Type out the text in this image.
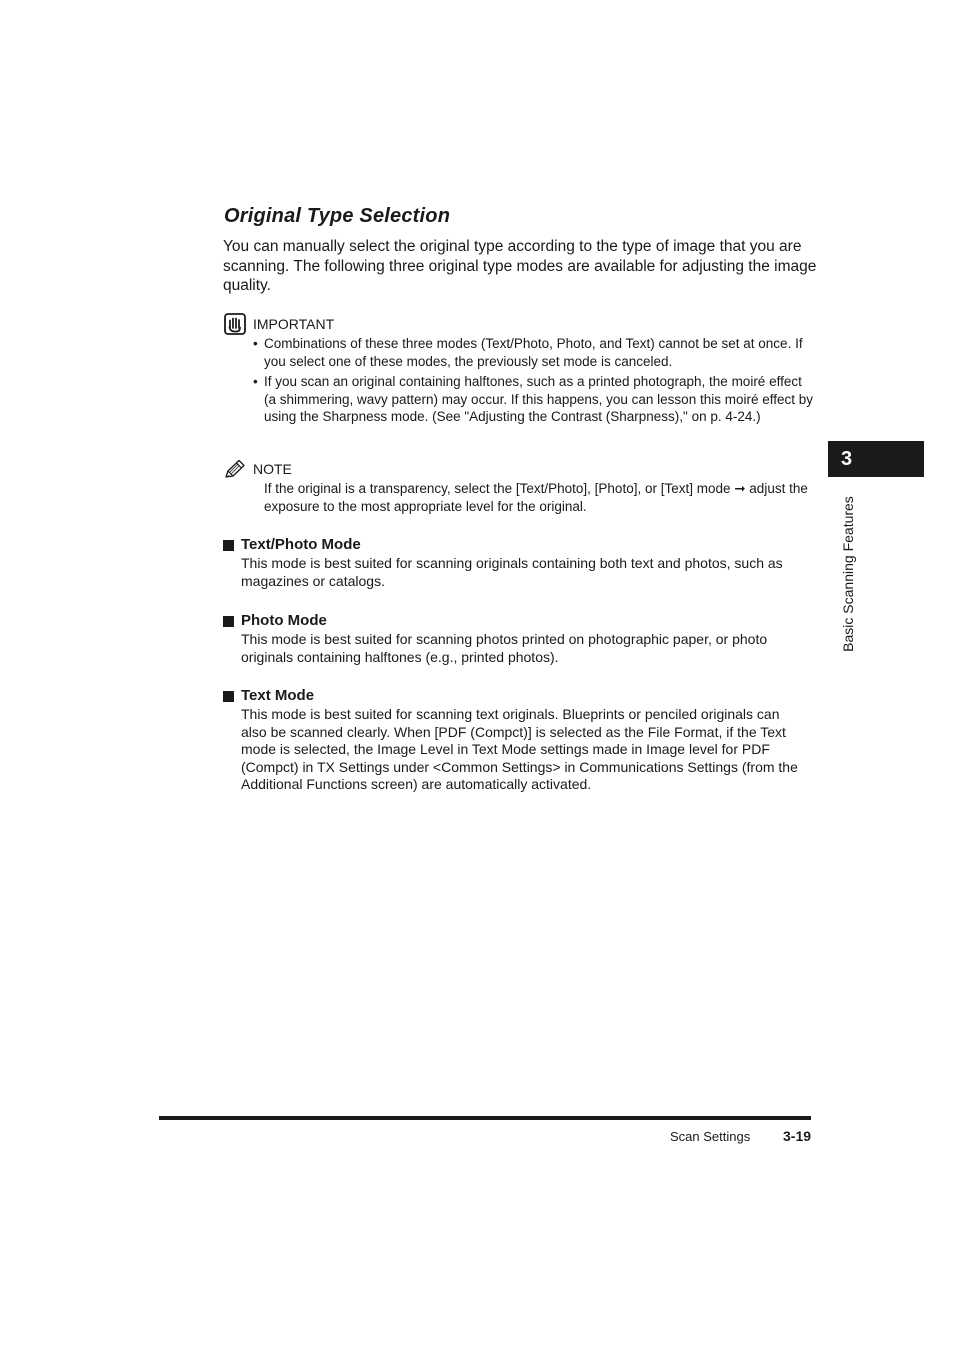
Original Type Selection

You can manually select the original type according to the type of image that you are scanning. The following three original type modes are available for adjusting the image quality.

IMPORTANT
• Combinations of these three modes (Text/Photo, Photo, and Text) cannot be set at once. If you select one of these modes, the previously set mode is canceled.
• If you scan an original containing halftones, such as a printed photograph, the moiré effect (a shimmering, wavy pattern) may occur. If this happens, you can lesson this moiré effect by using the Sharpness mode. (See "Adjusting the Contrast (Sharpness)," on p. 4-24.)
NOTE

If the original is a transparency, select the [Text/Photo], [Photo], or [Text] mode ➞ adjust the exposure to the most appropriate level for the original.

Text/Photo Mode

This mode is best suited for scanning originals containing both text and photos, such as magazines or catalogs.

Photo Mode

This mode is best suited for scanning photos printed on photographic paper, or photo originals containing halftones (e.g., printed photos).

Text Mode

This mode is best suited for scanning text originals. Blueprints or penciled originals can also be scanned clearly. When [PDF (Compct)] is selected as the File Format, if the Text mode is selected, the Image Level in Text Mode settings made in Image level for PDF (Compct) in TX Settings under <Common Settings> in Communications Settings (from the Additional Functions screen) are automatically activated.

3
Basic Scanning Features
Scan Settings 3-19
